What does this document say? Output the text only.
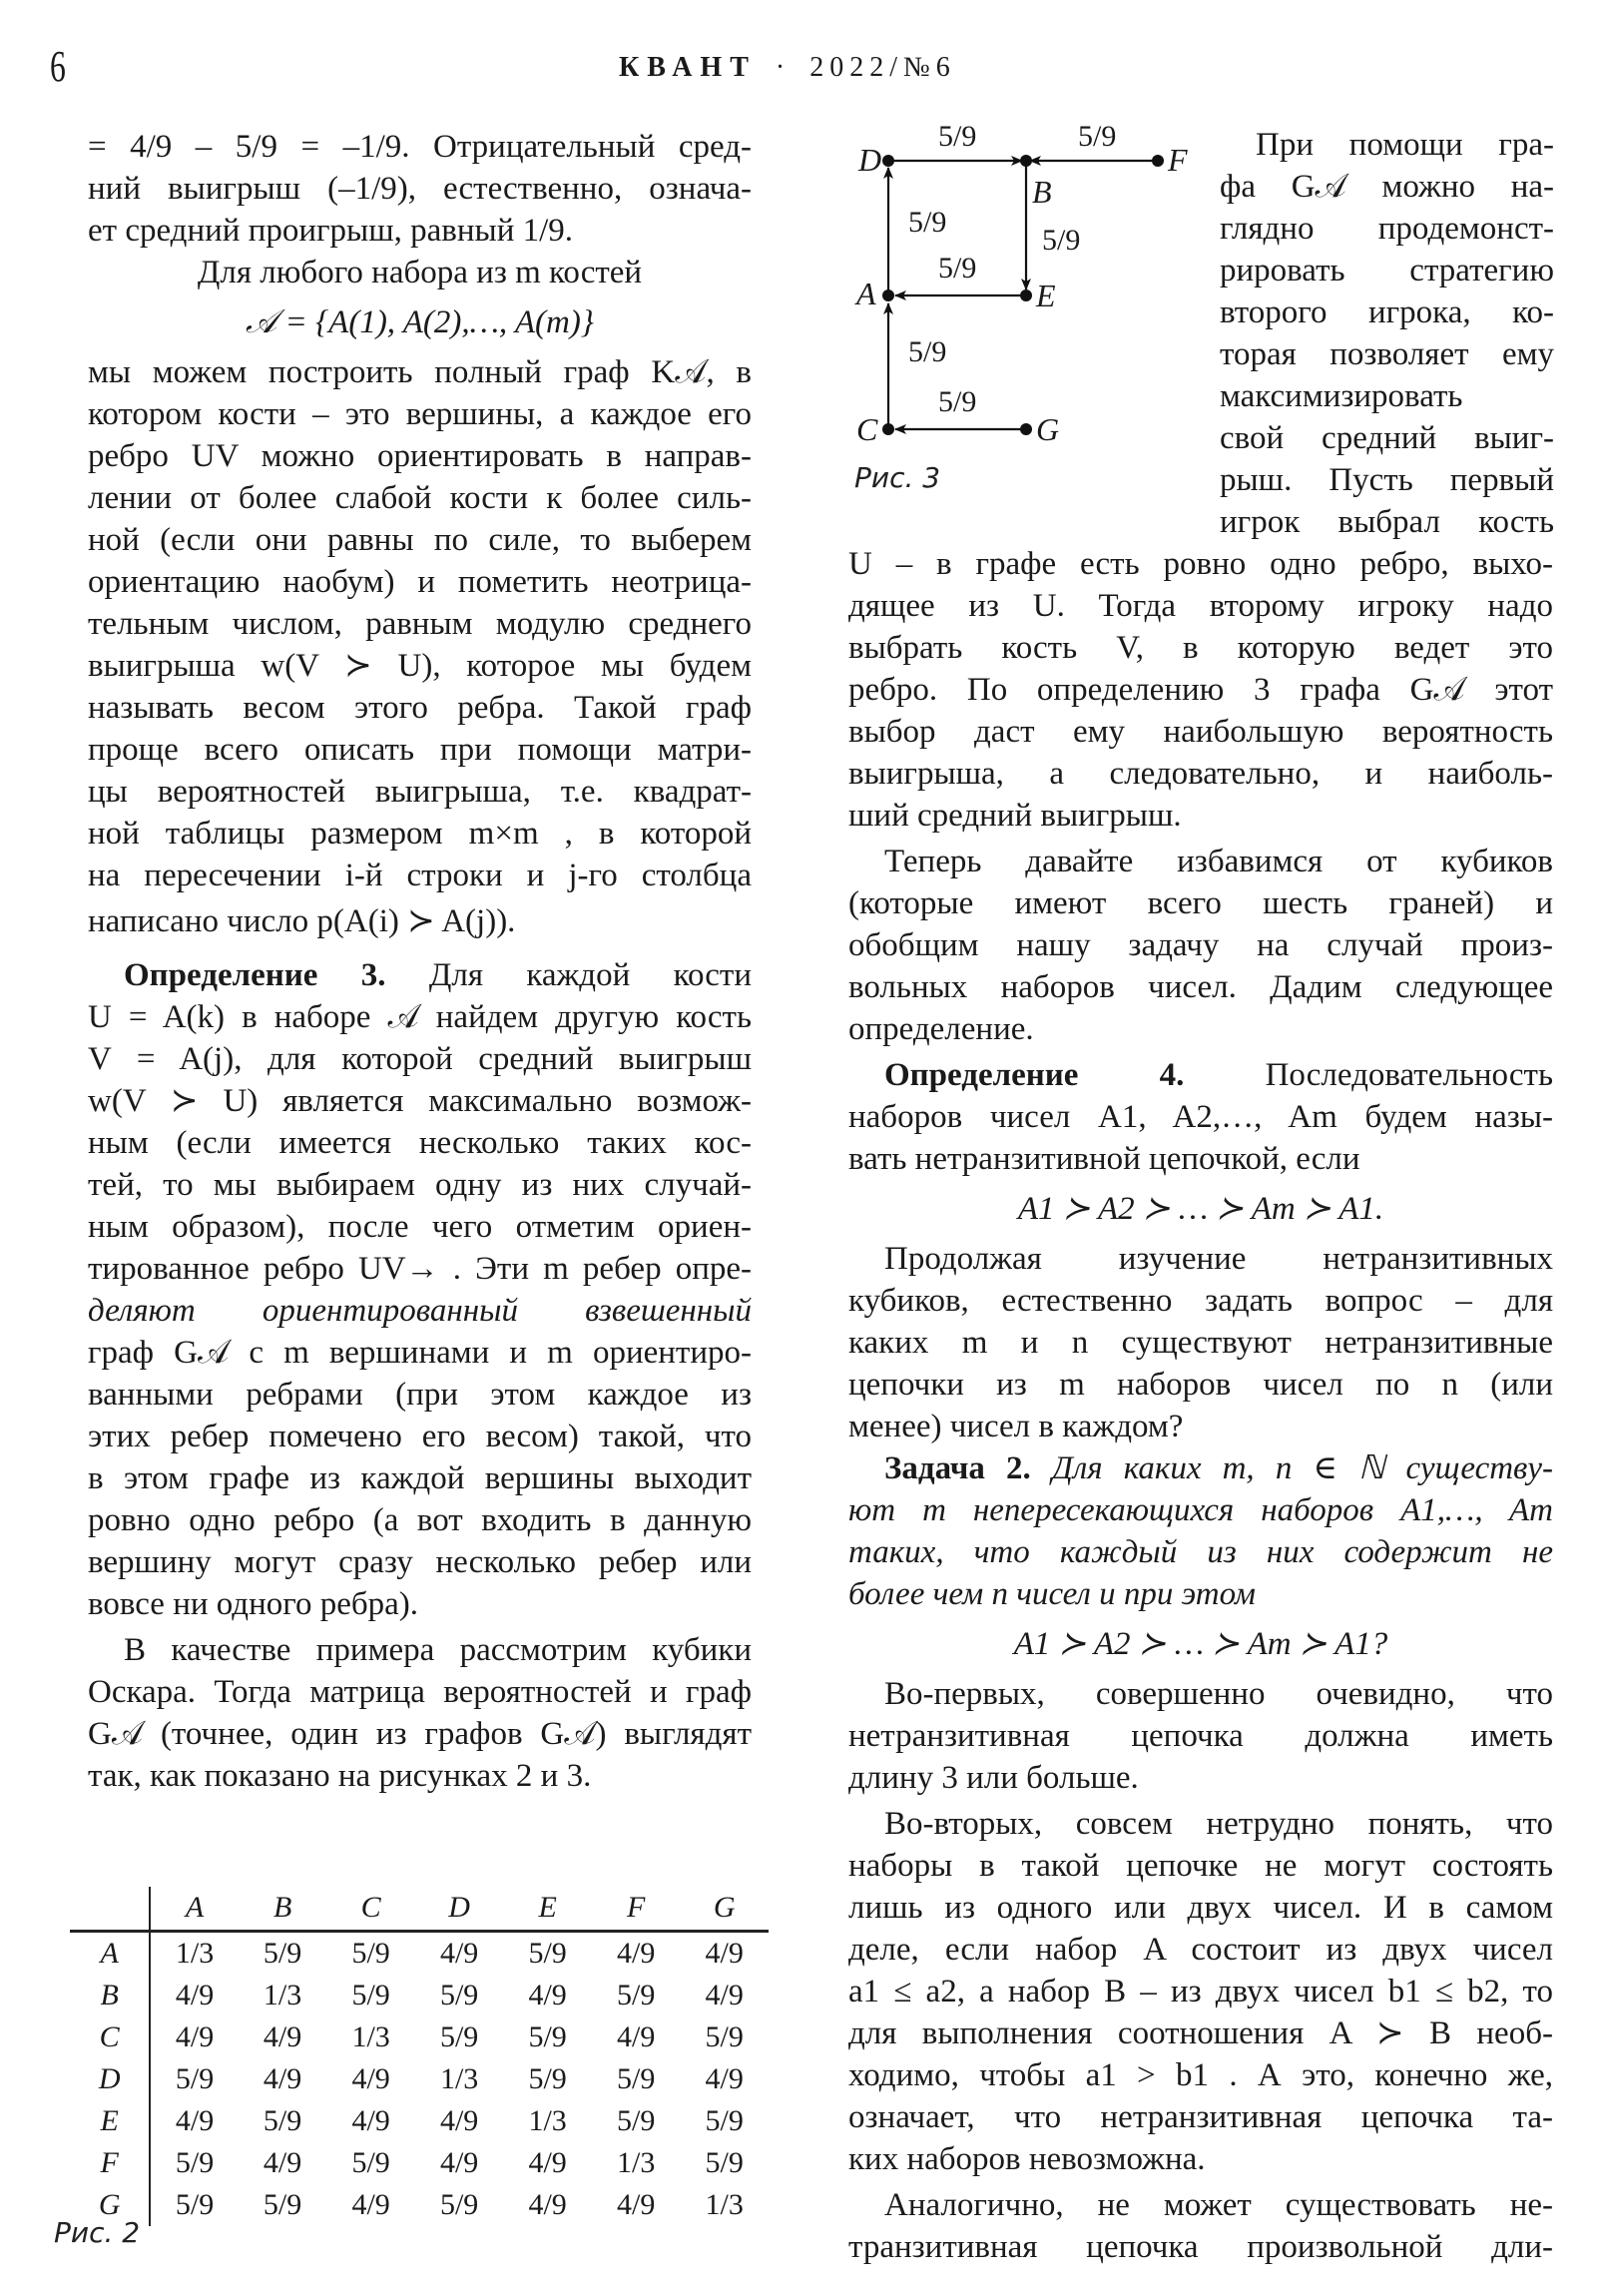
6	КВАНТ · 2022/№6
= 4/9 – 5/9 = –1/9. Отрицательный сред-
ний выигрыш (–1/9), естественно, означа-
ет средний проигрыш, равный 1/9.
Для любого набора из m костей
𝒜 = {A(1), A(2),…, A(m)}
мы можем построить полный граф K𝒜, в
котором кости – это вершины, а каждое его
ребро UV можно ориентировать в направ-
лении от более слабой кости к более силь-
ной (если они равны по силе, то выберем
ориентацию наобум) и пометить неотрица-
тельным числом, равным модулю среднего
выигрыша w(V ≻ U), которое мы будем
называть весом этого ребра. Такой граф
проще всего описать при помощи матри-
цы вероятностей выигрыша, т.е. квадрат-
ной таблицы размером m×m , в которой
на пересечении i-й строки и j-го столбца
написано число p(A(i) ≻ A(j)).
Определение 3. Для каждой кости
U = A(k) в наборе 𝒜 найдем другую кость
V = A(j), для которой средний выигрыш
w(V ≻ U) является максимально возмож-
ным (если имеется несколько таких кос-
тей, то мы выбираем одну из них случай-
ным образом), после чего отметим ориен-
тированное ребро UV→ . Эти m ребер опре-
деляют ориентированный взвешенный
граф G𝒜 с m вершинами и m ориентиро-
ванными ребрами (при этом каждое из
этих ребер помечено его весом) такой, что
в этом графе из каждой вершины выходит
ровно одно ребро (а вот входить в данную
вершину могут сразу несколько ребер или
вовсе ни одного ребра).
В качестве примера рассмотрим кубики
Оскара. Тогда матрица вероятностей и граф
G𝒜 (точнее, один из графов G𝒜) выглядят
так, как показано на рисунках 2 и 3.
	A	B	C	D	E	F	G
A	1/3	5/9	5/9	4/9	5/9	4/9	4/9
B	4/9	1/3	5/9	5/9	4/9	5/9	4/9
C	4/9	4/9	1/3	5/9	5/9	4/9	5/9
D	5/9	4/9	4/9	1/3	5/9	5/9	4/9
E	4/9	5/9	4/9	4/9	1/3	5/9	5/9
F	5/9	4/9	5/9	4/9	4/9	1/3	5/9
G	5/9	5/9	4/9	5/9	4/9	4/9	1/3
Рис. 2
D
B
F
A	E
C	G
5/9	5/9
5/9
5/9
5/9
5/9
5/9
Рис. 3
При помощи гра-
фа G𝒜 можно на-
глядно продемонст-
рировать стратегию
второго игрока, ко-
торая позволяет ему
максимизировать
свой средний выиг-
рыш. Пусть первый
игрок выбрал кость
U – в графе есть ровно одно ребро, выхо-
дящее из U. Тогда второму игроку надо
выбрать кость V, в которую ведет это
ребро. По определению 3 графа G𝒜 этот
выбор даст ему наибольшую вероятность
выигрыша, а следовательно, и наиболь-
ший средний выигрыш.
Теперь давайте избавимся от кубиков
(которые имеют всего шесть граней) и
обобщим нашу задачу на случай произ-
вольных наборов чисел. Дадим следующее
определение.
Определение 4. Последовательность
наборов чисел A1, A2,…, Am будем назы-
вать нетранзитивной цепочкой, если
A1 ≻ A2 ≻ … ≻ Am ≻ A1.
Продолжая изучение нетранзитивных
кубиков, естественно задать вопрос – для
каких m и n существуют нетранзитивные
цепочки из m наборов чисел по n (или
менее) чисел в каждом?
Задача 2. Для каких m, n ∈ ℕ существу-
ют m непересекающихся наборов A1,…, Am
таких, что каждый из них содержит не
более чем n чисел и при этом
A1 ≻ A2 ≻ … ≻ Am ≻ A1?
Во-первых, совершенно очевидно, что
нетранзитивная цепочка должна иметь
длину 3 или больше.
Во-вторых, совсем нетрудно понять, что
наборы в такой цепочке не могут состоять
лишь из одного или двух чисел. И в самом
деле, если набор A состоит из двух чисел
a1 ≤ a2, а набор B – из двух чисел b1 ≤ b2, то
для выполнения соотношения A ≻ B необ-
ходимо, чтобы a1 > b1 . А это, конечно же,
означает, что нетранзитивная цепочка та-
ких наборов невозможна.
Аналогично, не может существовать не-
транзитивная цепочка произвольной дли-
